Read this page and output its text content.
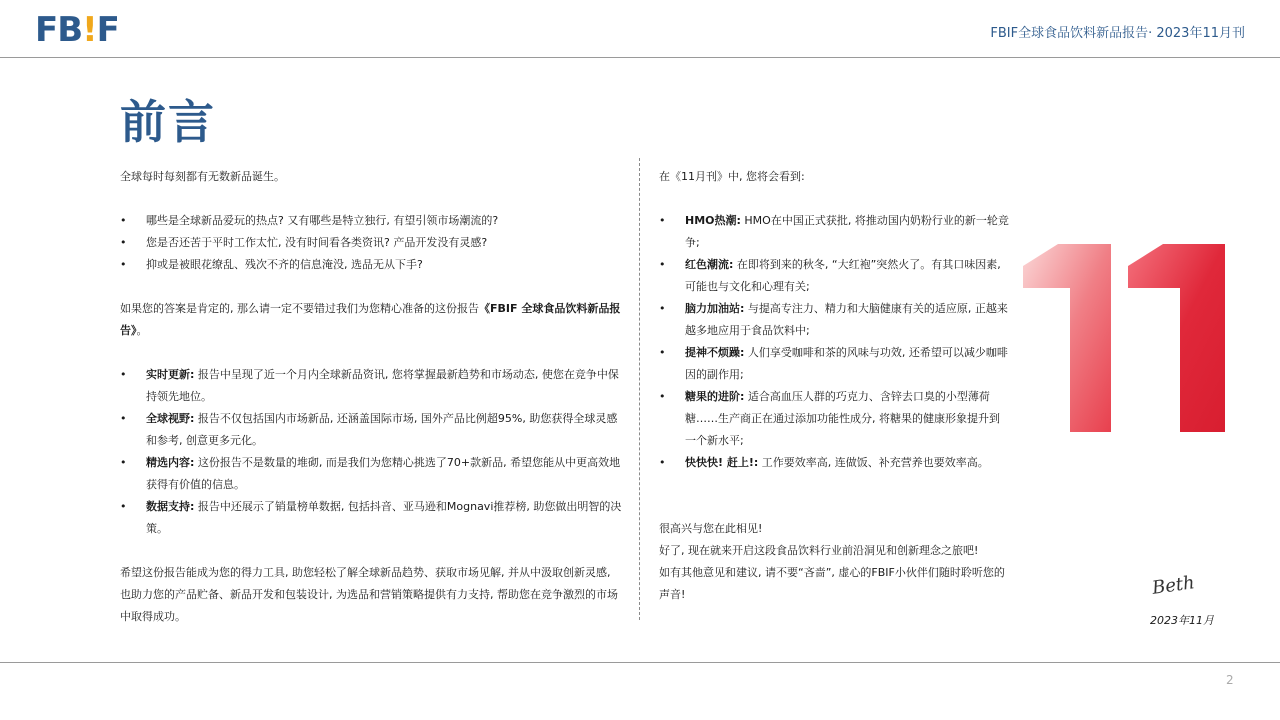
FB!F	FBIF全球食品饮料新品报告· 2023年11月刊
前言
全球每时每刻都有无数新品诞生。
• 哪些是全球新品爱玩的热点? 又有哪些是特立独行, 有望引领市场潮流的?
• 您是否还苦于平时工作太忙, 没有时间看各类资讯? 产品开发没有灵感?
• 抑或是被眼花缭乱、残次不齐的信息淹没, 选品无从下手?
如果您的答案是肯定的, 那么请一定不要错过我们为您精心准备的这份报告《FBIF 全球食品饮料新品报告》。
• 实时更新: 报告中呈现了近一个月内全球新品资讯, 您将掌握最新趋势和市场动态, 使您在竞争中保持领先地位。
• 全球视野: 报告不仅包括国内市场新品, 还涵盖国际市场, 国外产品比例超95%, 助您获得全球灵感和参考, 创意更多元化。
• 精选内容: 这份报告不是数量的堆砌, 而是我们为您精心挑选了70+款新品, 希望您能从中更高效地获得有价值的信息。
• 数据支持: 报告中还展示了销量榜单数据, 包括抖音、亚马逊和Mognavi推荐榜, 助您做出明智的决策。
希望这份报告能成为您的得力工具, 助您轻松了解全球新品趋势、获取市场见解, 并从中汲取创新灵感, 也助力您的产品贮备、新品开发和包装设计, 为选品和营销策略提供有力支持, 帮助您在竞争激烈的市场中取得成功。
在《11月刊》中, 您将会看到:
• HMO热潮: HMO在中国正式获批, 将推动国内奶粉行业的新一轮竞争;
• 红色潮流: 在即将到来的秋冬, “大红袍”突然火了。有其口味因素, 可能也与文化和心理有关;
• 脑力加油站: 与提高专注力、精力和大脑健康有关的适应原, 正越来越多地应用于食品饮料中;
• 提神不烦躁: 人们享受咖啡和茶的风味与功效, 还希望可以减少咖啡因的副作用;
• 糖果的进阶: 适合高血压人群的巧克力、含锌去口臭的小型薄荷糖……生产商正在通过添加功能性成分, 将糖果的健康形象提升到一个新水平;
• 快快快! 赶上!: 工作要效率高, 连做饭、补充营养也要效率高。
很高兴与您在此相见!
好了, 现在就来开启这段食品饮料行业前沿洞见和创新理念之旅吧!
如有其他意见和建议, 请不要“吝啬”, 虚心的FBIF小伙伴们随时聆听您的声音!
11
Beth
2023年11月
2
